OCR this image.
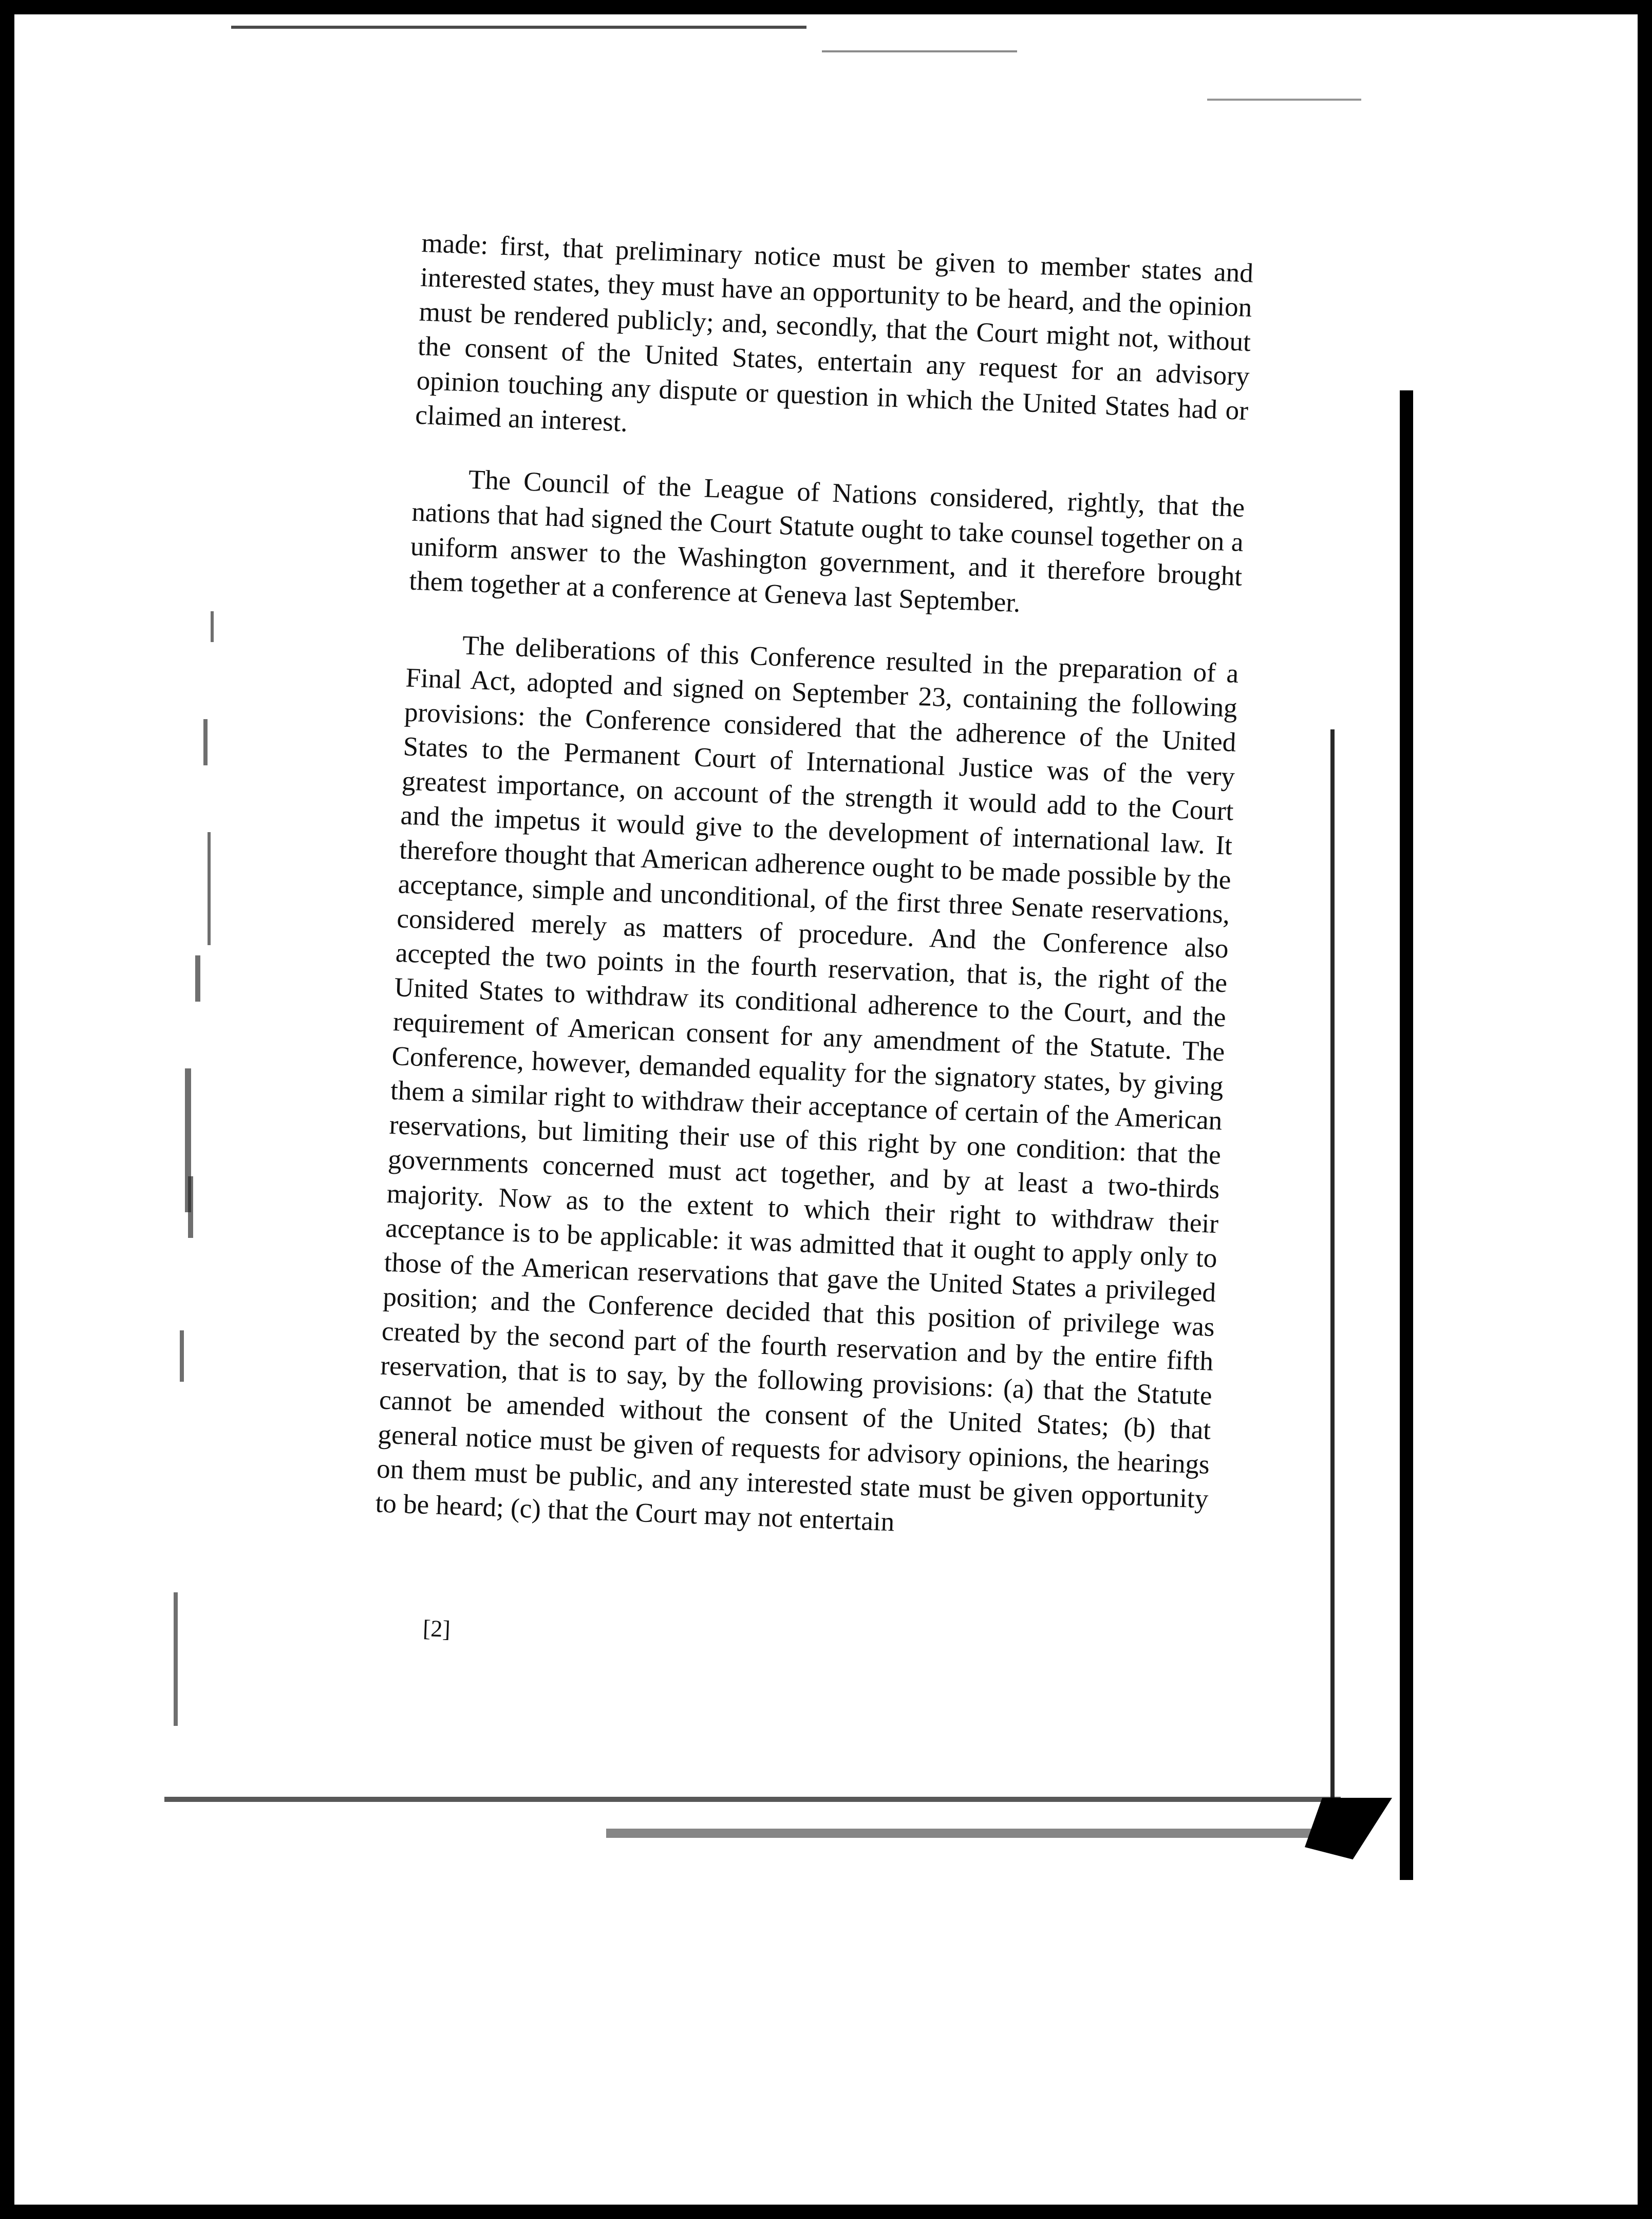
made: first, that preliminary notice must be given to member states and interested states, they must have an opportunity to be heard, and the opinion must be rendered publicly; and, secondly, that the Court might not, without the consent of the United States, entertain any request for an advisory opinion touching any dispute or question in which the United States had or claimed an interest.

The Council of the League of Nations considered, rightly, that the nations that had signed the Court Statute ought to take counsel together on a uniform answer to the Washington government, and it therefore brought them together at a conference at Geneva last September.

The deliberations of this Conference resulted in the preparation of a Final Act, adopted and signed on September 23, containing the following provisions: the Conference considered that the adherence of the United States to the Permanent Court of International Justice was of the very greatest importance, on account of the strength it would add to the Court and the impetus it would give to the development of international law. It therefore thought that American adherence ought to be made possible by the acceptance, simple and unconditional, of the first three Senate reservations, considered merely as matters of procedure. And the Conference also accepted the two points in the fourth reservation, that is, the right of the United States to withdraw its conditional adherence to the Court, and the requirement of American consent for any amendment of the Statute. The Conference, however, demanded equality for the signatory states, by giving them a similar right to withdraw their acceptance of certain of the American reservations, but limiting their use of this right by one condition: that the governments concerned must act together, and by at least a two-thirds majority. Now as to the extent to which their right to withdraw their acceptance is to be applicable: it was admitted that it ought to apply only to those of the American reservations that gave the United States a privileged position; and the Conference decided that this position of privilege was created by the second part of the fourth reservation and by the entire fifth reservation, that is to say, by the following provisions: (a) that the Statute cannot be amended without the consent of the United States; (b) that general notice must be given of requests for advisory opinions, the hearings on them must be public, and any interested state must be given opportunity to be heard; (c) that the Court may not entertain

[2]
